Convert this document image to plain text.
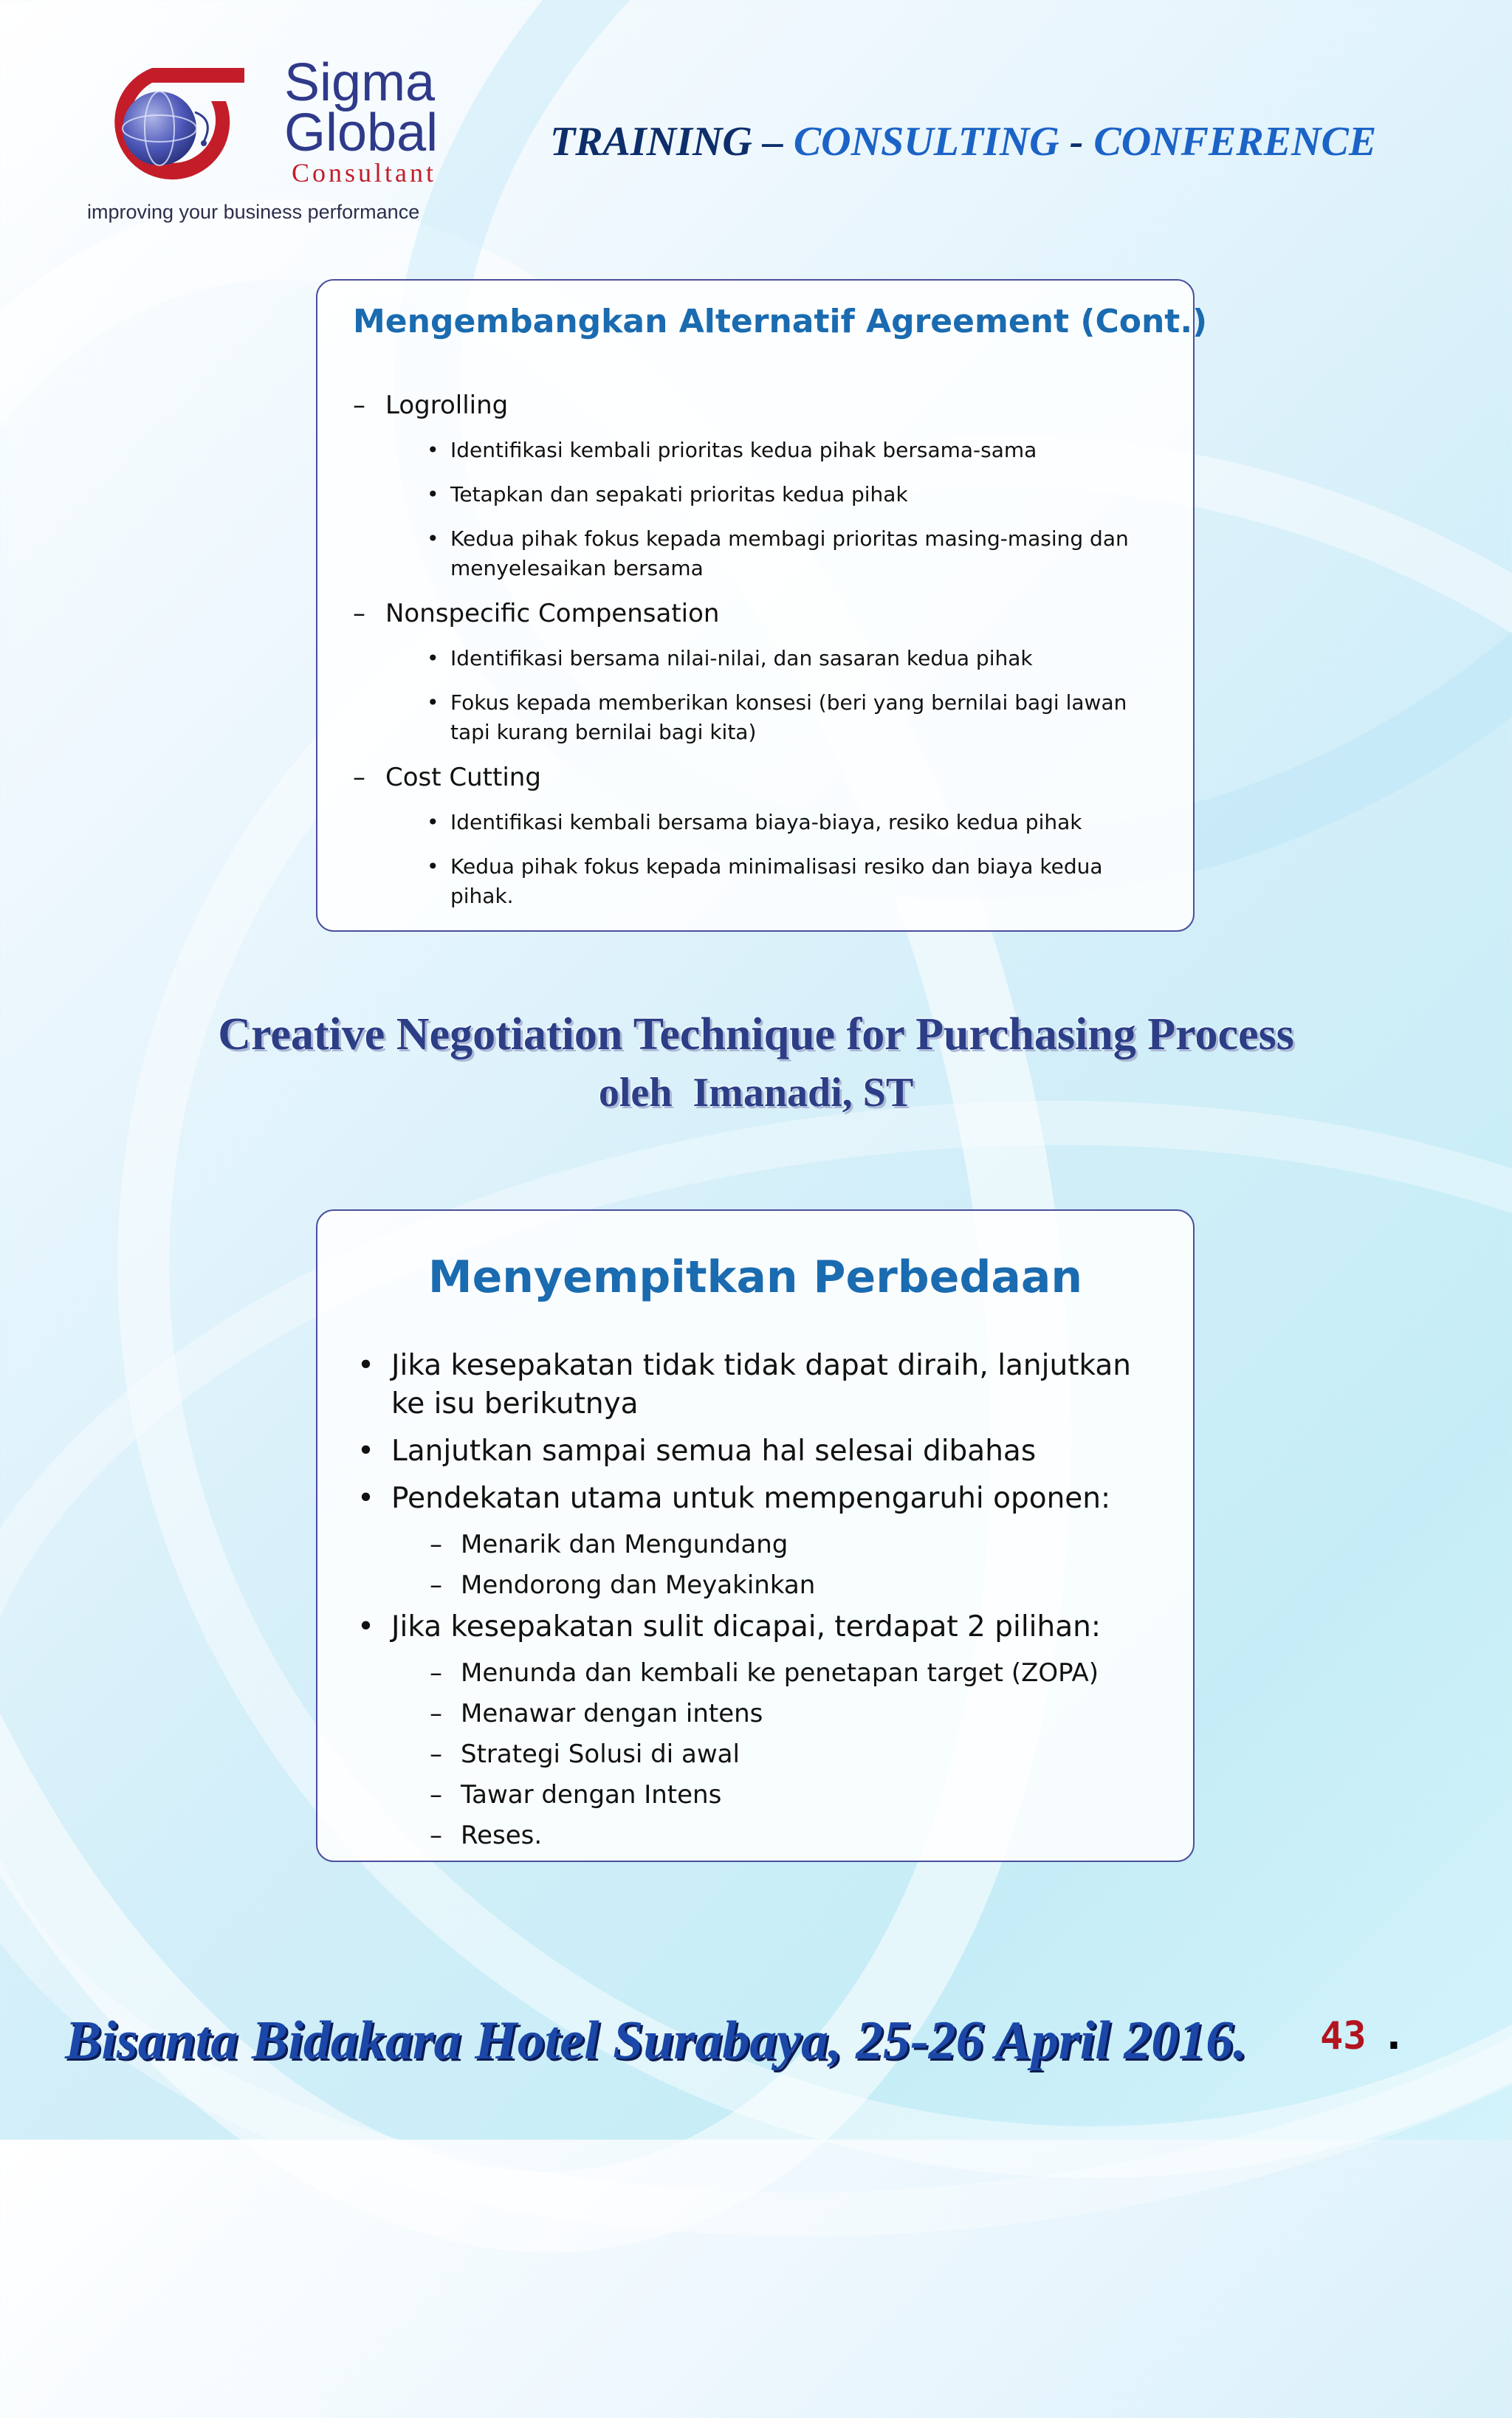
Sigma
Global
Consultant
improving your business performance
TRAINING – CONSULTING - CONFERENCE
Mengembangkan Alternatif Agreement (Cont.)
– Logrolling
• Identifikasi kembali prioritas kedua pihak bersama-sama
• Tetapkan dan sepakati prioritas kedua pihak
• Kedua pihak fokus kepada membagi prioritas masing-masing dan menyelesaikan bersama
– Nonspecific Compensation
• Identifikasi bersama nilai-nilai, dan sasaran kedua pihak
• Fokus kepada memberikan konsesi (beri yang bernilai bagi lawan tapi kurang bernilai bagi kita)
– Cost Cutting
• Identifikasi kembali bersama biaya-biaya, resiko kedua pihak
• Kedua pihak fokus kepada minimalisasi resiko dan biaya kedua pihak.
Creative Negotiation Technique for Purchasing Process
oleh  Imanadi, ST
Menyempitkan Perbedaan
• Jika kesepakatan tidak tidak dapat diraih, lanjutkan ke isu berikutnya
• Lanjutkan sampai semua hal selesai dibahas
• Pendekatan utama untuk mempengaruhi oponen:
– Menarik dan Mengundang
– Mendorong dan Meyakinkan
• Jika kesepakatan sulit dicapai, terdapat 2 pilihan:
– Menunda dan kembali ke penetapan target (ZOPA)
– Menawar dengan intens
– Strategi Solusi di awal
– Tawar dengan Intens
– Reses.
Bisanta Bidakara Hotel Surabaya, 25-26 April 2016. 43 .
